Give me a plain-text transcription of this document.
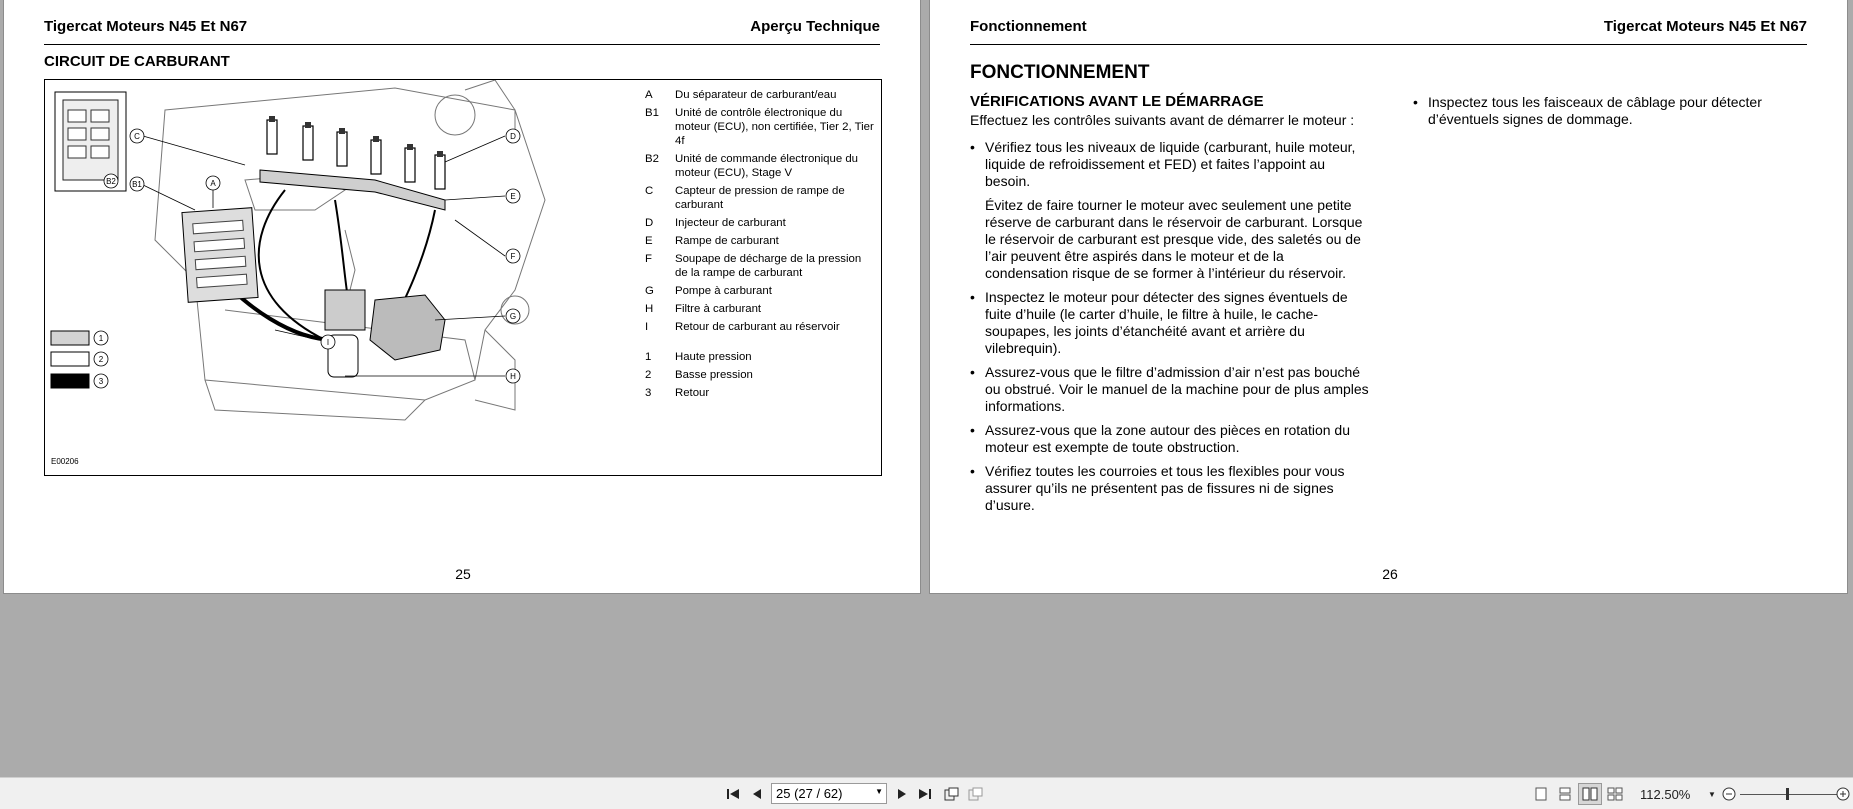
Tigercat Moteurs N45 Et N67	Aperçu Technique
CIRCUIT DE CARBURANT
B2 B1	A
C	D
E
F
G
H
I
1
2
3
A	Du séparateur de carburant/eau
B1	Unité de contrôle électronique du moteur (ECU), non certifiée, Tier 2, Tier 4f
B2	Unité de commande électronique du moteur (ECU), Stage V
C	Capteur de pression de rampe de carburant
D	Injecteur de carburant
E	Rampe de carburant
F	Soupape de décharge de la pression de la rampe de carburant
G	Pompe à carburant
H	Filtre à carburant
I	Retour de carburant au réservoir
1	Haute pression
2	Basse pression
3	Retour
E00206
25
Fonctionnement	Tigercat Moteurs N45 Et N67
FONCTIONNEMENT
VÉRIFICATIONS AVANT LE DÉMARRAGE
Effectuez les contrôles suivants avant de démarrer le moteur :
• Vérifiez tous les niveaux de liquide (carburant, huile moteur, liquide de refroidissement et FED) et faites l’appoint au besoin.
Évitez de faire tourner le moteur avec seulement une petite réserve de carburant dans le réservoir de carburant. Lorsque le réservoir de carburant est presque vide, des saletés ou de l’air peuvent être aspirés dans le moteur et de la condensation risque de se former à l’intérieur du réservoir.
• Inspectez le moteur pour détecter des signes éventuels de fuite d’huile (le carter d’huile, le filtre à huile, le cache-soupapes, les joints d’étanchéité avant et arrière du vilebrequin).
• Assurez-vous que le filtre d’admission d’air n’est pas bouché ou obstrué. Voir le manuel de la machine pour de plus amples informations.
• Assurez-vous que la zone autour des pièces en rotation du moteur est exempte de toute obstruction.
• Vérifiez toutes les courroies et tous les flexibles pour vous assurer qu’ils ne présentent pas de fissures ni de signes d’usure.
• Inspectez tous les faisceaux de câblage pour détecter d’éventuels signes de dommage.
26
25 (27 / 62)	▼	112.50% ▼
